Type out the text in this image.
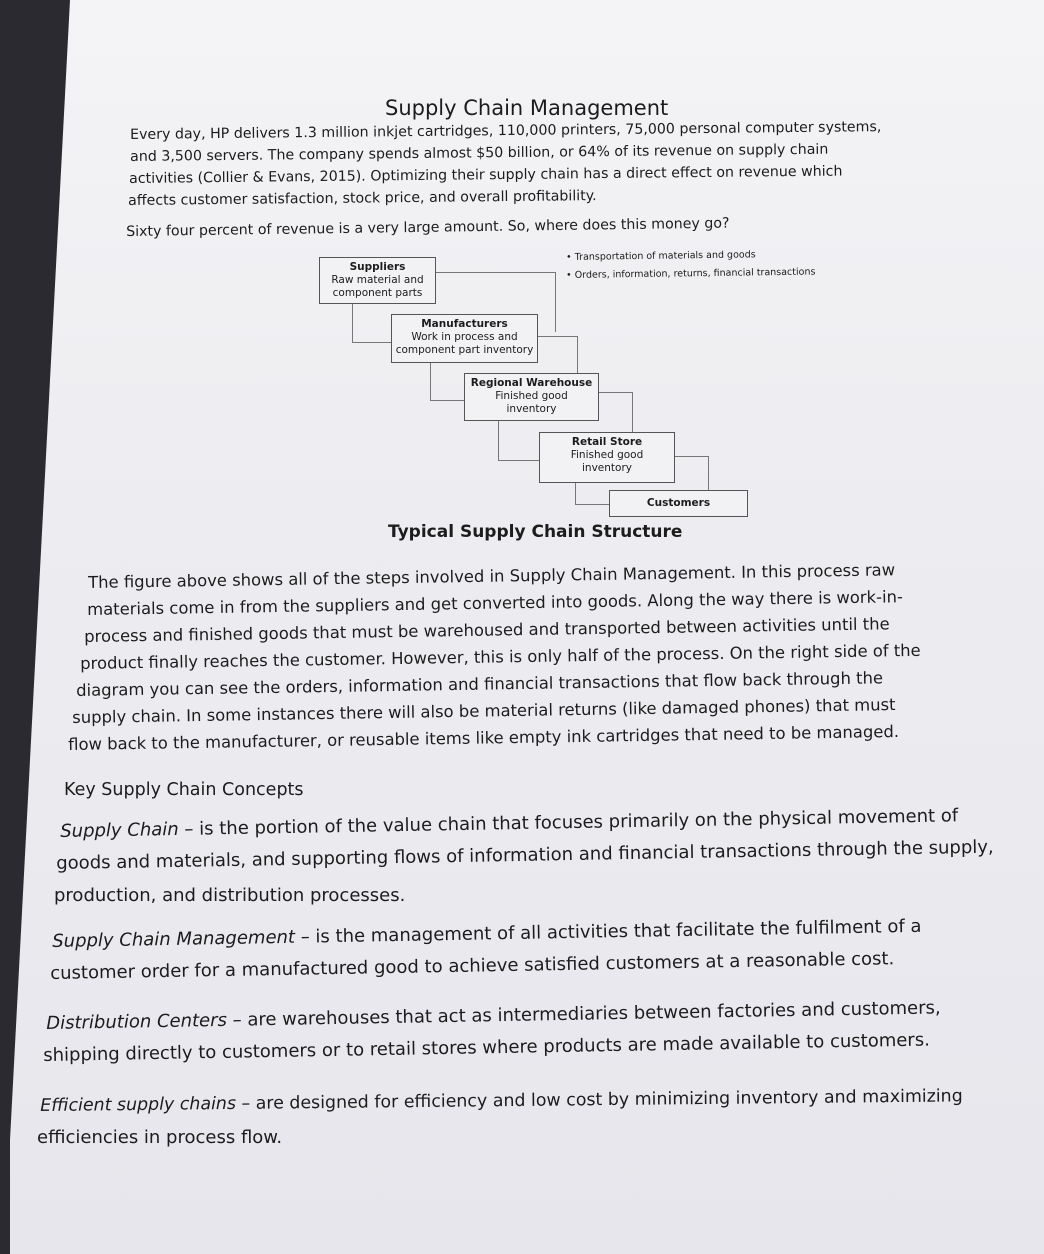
Supply Chain Management
Every day, HP delivers 1.3 million inkjet cartridges, 110,000 printers, 75,000 personal computer systems,
and 3,500 servers. The company spends almost $50 billion, or 64% of its revenue on supply chain
activities (Collier & Evans, 2015). Optimizing their supply chain has a direct effect on revenue which
affects customer satisfaction, stock price, and overall profitability.
Sixty four percent of revenue is a very large amount. So, where does this money go?
• Transportation of materials and goods
• Orders, information, returns, financial transactions
Suppliers
Raw material and
component parts
Manufacturers
Work in process and
component part inventory
Regional Warehouse
Finished good
inventory
Retail Store
Finished good
inventory
Customers
Typical Supply Chain Structure
The figure above shows all of the steps involved in Supply Chain Management. In this process raw
materials come in from the suppliers and get converted into goods. Along the way there is work-in-
process and finished goods that must be warehoused and transported between activities until the
product finally reaches the customer. However, this is only half of the process. On the right side of the
diagram you can see the orders, information and financial transactions that flow back through the
supply chain. In some instances there will also be material returns (like damaged phones) that must
flow back to the manufacturer, or reusable items like empty ink cartridges that need to be managed.
Key Supply Chain Concepts
Supply Chain – is the portion of the value chain that focuses primarily on the physical movement of
goods and materials, and supporting flows of information and financial transactions through the supply,
production, and distribution processes.
Supply Chain Management – is the management of all activities that facilitate the fulfilment of a
customer order for a manufactured good to achieve satisfied customers at a reasonable cost.
Distribution Centers – are warehouses that act as intermediaries between factories and customers,
shipping directly to customers or to retail stores where products are made available to customers.
Efficient supply chains – are designed for efficiency and low cost by minimizing inventory and maximizing
efficiencies in process flow.
